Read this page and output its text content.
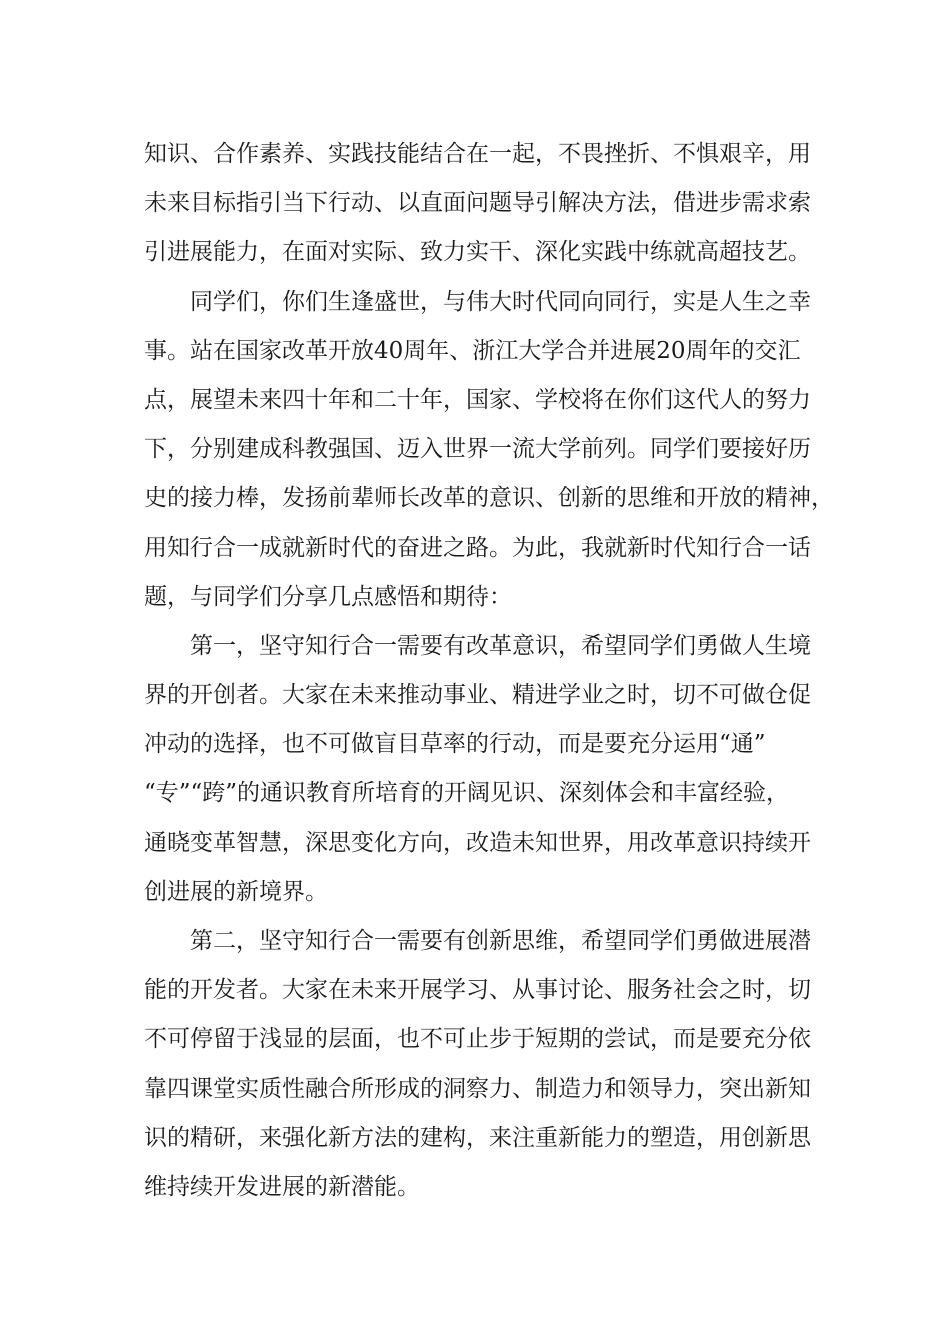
知识、合作素养、实践技能结合在一起，不畏挫折、不惧艰辛，用
未来目标指引当下行动、以直面问题导引解决方法，借进步需求索
引进展能力，在面对实际、致力实干、深化实践中练就高超技艺。
同学们，你们生逢盛世，与伟大时代同向同行，实是人生之幸
事。站在国家改革开放40周年、浙江大学合并进展20周年的交汇
点，展望未来四十年和二十年，国家、学校将在你们这代人的努力
下，分别建成科教强国、迈入世界一流大学前列。同学们要接好历
史的接力棒，发扬前辈师长改革的意识、创新的思维和开放的精神，
用知行合一成就新时代的奋进之路。为此，我就新时代知行合一话
题，与同学们分享几点感悟和期待：
第一，坚守知行合一需要有改革意识，希望同学们勇做人生境
界的开创者。大家在未来推动事业、精进学业之时，切不可做仓促
冲动的选择，也不可做盲目草率的行动，而是要充分运用“通”
“专”“跨”的通识教育所培育的开阔见识、深刻体会和丰富经验，
通晓变革智慧，深思变化方向，改造未知世界，用改革意识持续开
创进展的新境界。
第二，坚守知行合一需要有创新思维，希望同学们勇做进展潜
能的开发者。大家在未来开展学习、从事讨论、服务社会之时，切
不可停留于浅显的层面，也不可止步于短期的尝试，而是要充分依
靠四课堂实质性融合所形成的洞察力、制造力和领导力，突出新知
识的精研，来强化新方法的建构，来注重新能力的塑造，用创新思
维持续开发进展的新潜能。
